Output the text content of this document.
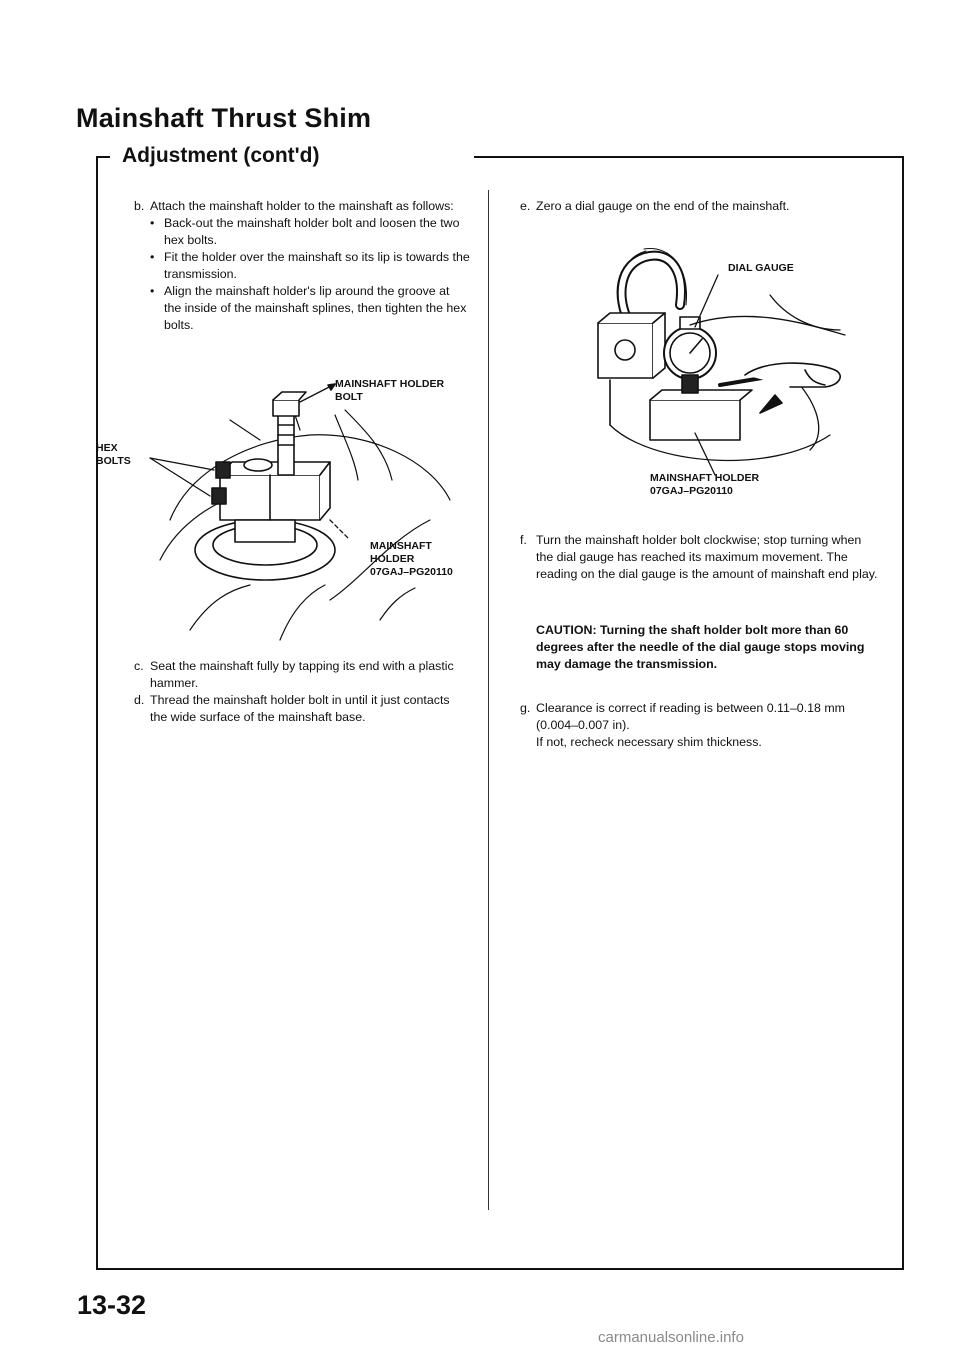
Mainshaft Thrust Shim
Adjustment (cont'd)
b. Attach the mainshaft holder to the mainshaft as follows:
• Back-out the mainshaft holder bolt and loosen the two hex bolts.
• Fit the holder over the mainshaft so its lip is towards the transmission.
• Align the mainshaft holder's lip around the groove at the inside of the mainshaft splines, then tighten the hex bolts.
MAINSHAFT HOLDER
BOLT
HEX
BOLTS
MAINSHAFT
HOLDER
07GAJ–PG20110
c. Seat the mainshaft fully by tapping its end with a plastic hammer.
d. Thread the mainshaft holder bolt in until it just contacts the wide surface of the mainshaft base.
e. Zero a dial gauge on the end of the mainshaft.
DIAL GAUGE
MAINSHAFT HOLDER
07GAJ–PG20110
f. Turn the mainshaft holder bolt clockwise; stop turning when the dial gauge has reached its maximum movement. The reading on the dial gauge is the amount of mainshaft end play.
CAUTION: Turning the shaft holder bolt more than 60 degrees after the needle of the dial gauge stops moving may damage the transmission.
g. Clearance is correct if reading is between 0.11–0.18 mm (0.004–0.007 in).
If not, recheck necessary shim thickness.
13-32
carmanualsonline.info
